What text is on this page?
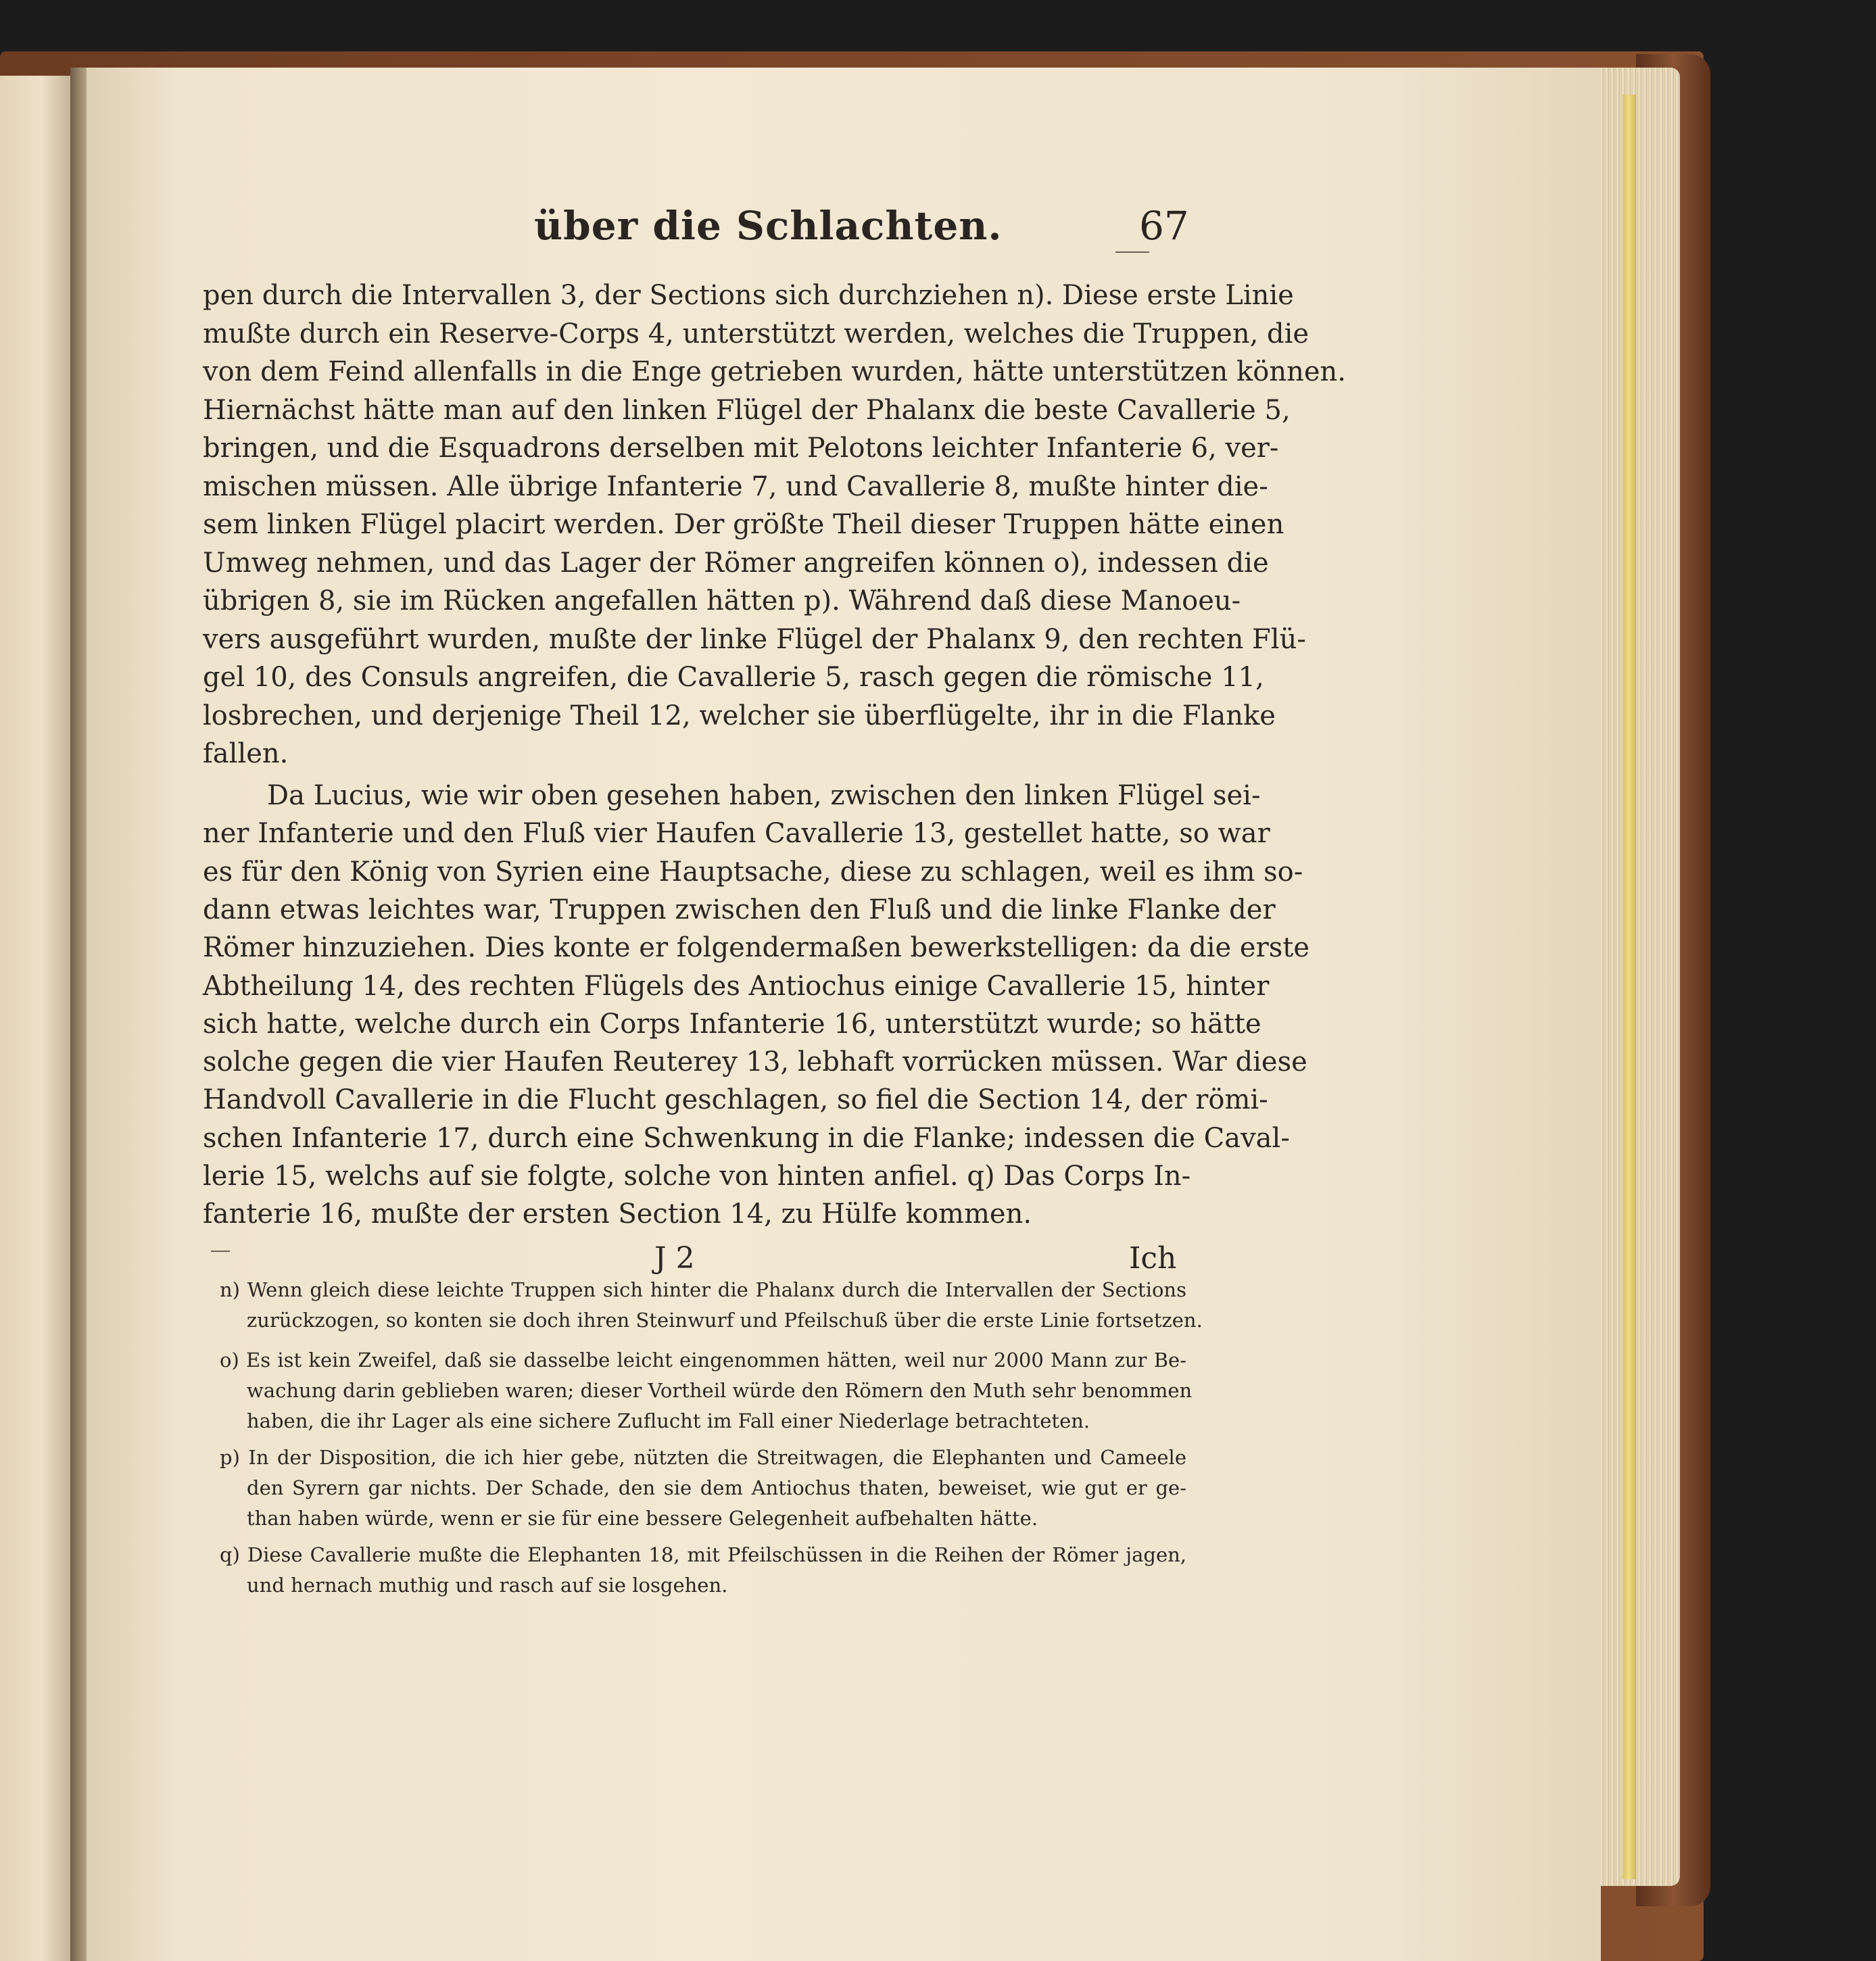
über die Schlachten.	67
pen durch die Intervallen 3, der Sections sich durchziehen n). Diese erste Linie
mußte durch ein Reserve-Corps 4, unterstützt werden, welches die Truppen, die
von dem Feind allenfalls in die Enge getrieben wurden, hätte unterstützen können.
Hiernächst hätte man auf den linken Flügel der Phalanx die beste Cavallerie 5,
bringen, und die Esquadrons derselben mit Pelotons leichter Infanterie 6, ver-
mischen müssen. Alle übrige Infanterie 7, und Cavallerie 8, mußte hinter die-
sem linken Flügel placirt werden. Der größte Theil dieser Truppen hätte einen
Umweg nehmen, und das Lager der Römer angreifen können o), indessen die
übrigen 8, sie im Rücken angefallen hätten p). Während daß diese Manoeu-
vers ausgeführt wurden, mußte der linke Flügel der Phalanx 9, den rechten Flü-
gel 10, des Consuls angreifen, die Cavallerie 5, rasch gegen die römische 11,
losbrechen, und derjenige Theil 12, welcher sie überflügelte, ihr in die Flanke
fallen.
Da Lucius, wie wir oben gesehen haben, zwischen den linken Flügel sei-
ner Infanterie und den Fluß vier Haufen Cavallerie 13, gestellet hatte, so war
es für den König von Syrien eine Hauptsache, diese zu schlagen, weil es ihm so-
dann etwas leichtes war, Truppen zwischen den Fluß und die linke Flanke der
Römer hinzuziehen. Dies konte er folgendermaßen bewerkstelligen: da die erste
Abtheilung 14, des rechten Flügels des Antiochus einige Cavallerie 15, hinter
sich hatte, welche durch ein Corps Infanterie 16, unterstützt wurde; so hätte
solche gegen die vier Haufen Reuterey 13, lebhaft vorrücken müssen. War diese
Handvoll Cavallerie in die Flucht geschlagen, so fiel die Section 14, der römi-
schen Infanterie 17, durch eine Schwenkung in die Flanke; indessen die Caval-
lerie 15, welchs auf sie folgte, solche von hinten anfiel. q) Das Corps In-
fanterie 16, mußte der ersten Section 14, zu Hülfe kommen.
J 2	Ich
n) Wenn gleich diese leichte Truppen sich hinter die Phalanx durch die Intervallen der Sections
zurückzogen, so konten sie doch ihren Steinwurf und Pfeilschuß über die erste Linie fortsetzen.
o) Es ist kein Zweifel, daß sie dasselbe leicht eingenommen hätten, weil nur 2000 Mann zur Be-
wachung darin geblieben waren; dieser Vortheil würde den Römern den Muth sehr benommen
haben, die ihr Lager als eine sichere Zuflucht im Fall einer Niederlage betrachteten.
p) In der Disposition, die ich hier gebe, nützten die Streitwagen, die Elephanten und Cameele
den Syrern gar nichts. Der Schade, den sie dem Antiochus thaten, beweiset, wie gut er ge-
than haben würde, wenn er sie für eine bessere Gelegenheit aufbehalten hätte.
q) Diese Cavallerie mußte die Elephanten 18, mit Pfeilschüssen in die Reihen der Römer jagen,
und hernach muthig und rasch auf sie losgehen.
